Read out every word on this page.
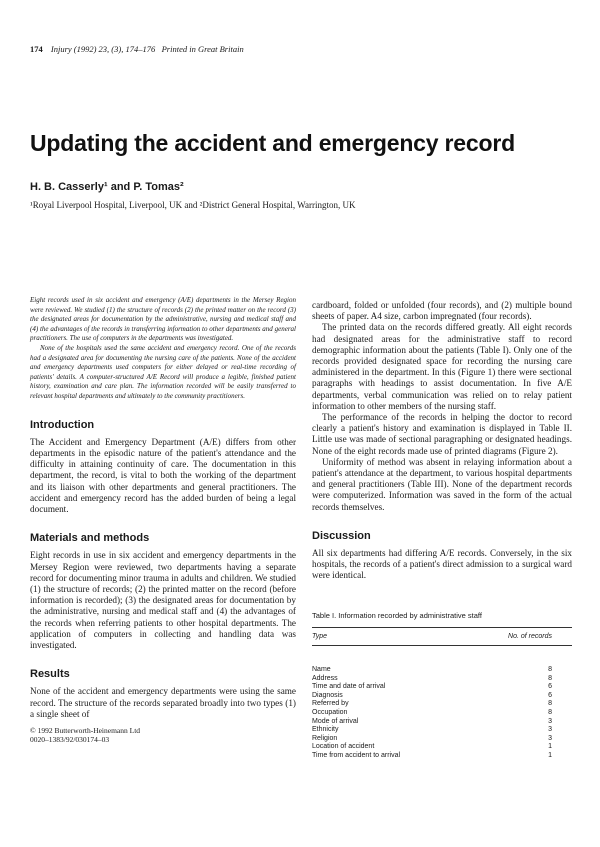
174 Injury (1992) 23, (3), 174–176 Printed in Great Britain
Updating the accident and emergency record
H. B. Casserly¹ and P. Tomas²
¹Royal Liverpool Hospital, Liverpool, UK and ²District General Hospital, Warrington, UK

Eight records used in six accident and emergency (A/E) departments in the Mersey Region were reviewed. We studied (1) the structure of records (2) the printed matter on the record (3) the designated areas for documentation by the administrative, nursing and medical staff and (4) the advantages of the records in transferring information to other departments and general practitioners. The use of computers in the departments was investigated.

None of the hospitals used the same accident and emergency record. One of the records had a designated area for documenting the nursing care of the patients. None of the accident and emergency departments used computers for either delayed or real-time recording of patients' details. A computer-structured A/E Record will produce a legible, finished patient history, examination and care plan. The information recorded will be easily transferred to relevant hospital departments and ultimately to the community practitioners.

Introduction

The Accident and Emergency Department (A/E) differs from other departments in the episodic nature of the patient's attendance and the difficulty in attaining continuity of care. The documentation in this department, the record, is vital to both the working of the department and its liaison with other departments and general practitioners. The accident and emergency record has the added burden of being a legal document.

Materials and methods

Eight records in use in six accident and emergency departments in the Mersey Region were reviewed, two departments having a separate record for documenting minor trauma in adults and children. We studied (1) the structure of records; (2) the printed matter on the record (before information is recorded); (3) the designated areas for documentation by the administrative, nursing and medical staff and (4) the advantages of the records when referring patients to other hospital departments. The application of computers in collecting and handling data was investigated.

Results

None of the accident and emergency departments were using the same record. The structure of the records separated broadly into two types (1) a single sheet of

© 1992 Butterworth-Heinemann Ltd
0020–1383/92/030174–03

cardboard, folded or unfolded (four records), and (2) multiple bound sheets of paper. A4 size, carbon impregnated (four records).

The printed data on the records differed greatly. All eight records had designated areas for the administrative staff to record demographic information about the patients (Table I). Only one of the records provided designated space for recording the nursing care administered in the department. In this (Figure 1) there were sectional paragraphs with headings to assist documentation. In five A/E departments, verbal communication was relied on to relay patient information to other members of the nursing staff.

The performance of the records in helping the doctor to record clearly a patient's history and examination is displayed in Table II. Little use was made of sectional paragraphing or designated headings. None of the eight records made use of printed diagrams (Figure 2).

Uniformity of method was absent in relaying information about a patient's attendance at the department, to various hospital departments and general practitioners (Table III). None of the department records were computerized. Information was saved in the form of the actual records themselves.

Discussion

All six departments had differing A/E records. Conversely, in the six hospitals, the records of a patient's direct admission to a surgical ward were identical.

Table I. Information recorded by administrative staff
Type	No. of records
Name	8
Address	8
Time and date of arrival	6
Diagnosis	6
Referred by	8
Occupation	8
Mode of arrival	3
Ethnicity	3
Religion	3
Location of accident	1
Time from accident to arrival	1
